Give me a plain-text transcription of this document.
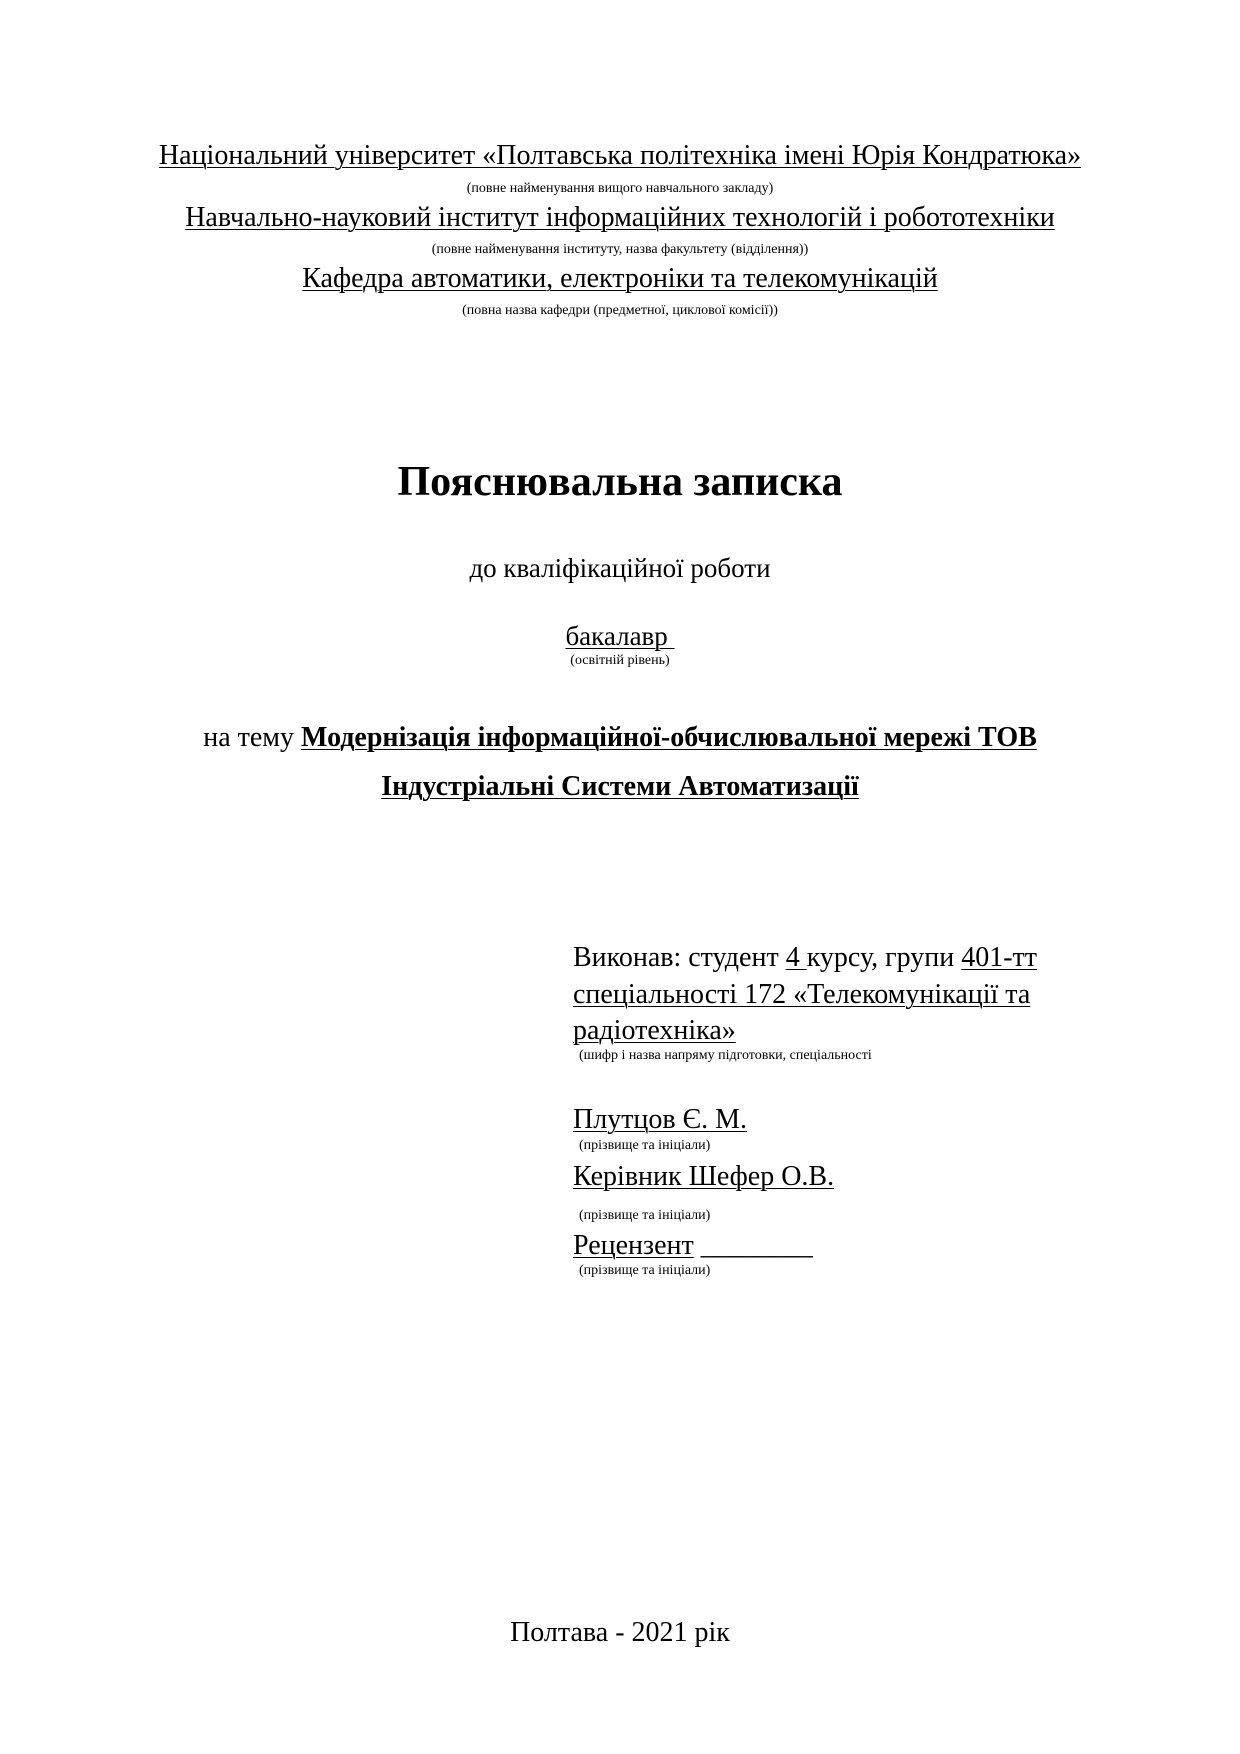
Національний університет «Полтавська політехніка імені Юрія Кондратюка»
(повне найменування вищого навчального закладу)
Навчально-науковий інститут інформаційних технологій і робототехніки
(повне найменування інституту, назва факультету (відділення))
Кафедра автоматики, електроніки та телекомунікацій
(повна назва кафедри (предметної, циклової комісії))
Пояснювальна записка
до кваліфікаційної роботи
бакалавр
(освітній рівень)
на тему Модернізація інформаційної-обчислювальної мережі ТОВ
Індустріальні Системи Автоматизації
Виконав: студент 4 курсу, групи 401-тт
спеціальності 172 «Телекомунікації та
радіотехніка»
(шифр і назва напряму підготовки, спеціальності
Плутцов Є. М.
(прізвище та ініціали)
Керівник Шефер О.В.
(прізвище та ініціали)
Рецензент ________
(прізвище та ініціали)
Полтава - 2021 рік
